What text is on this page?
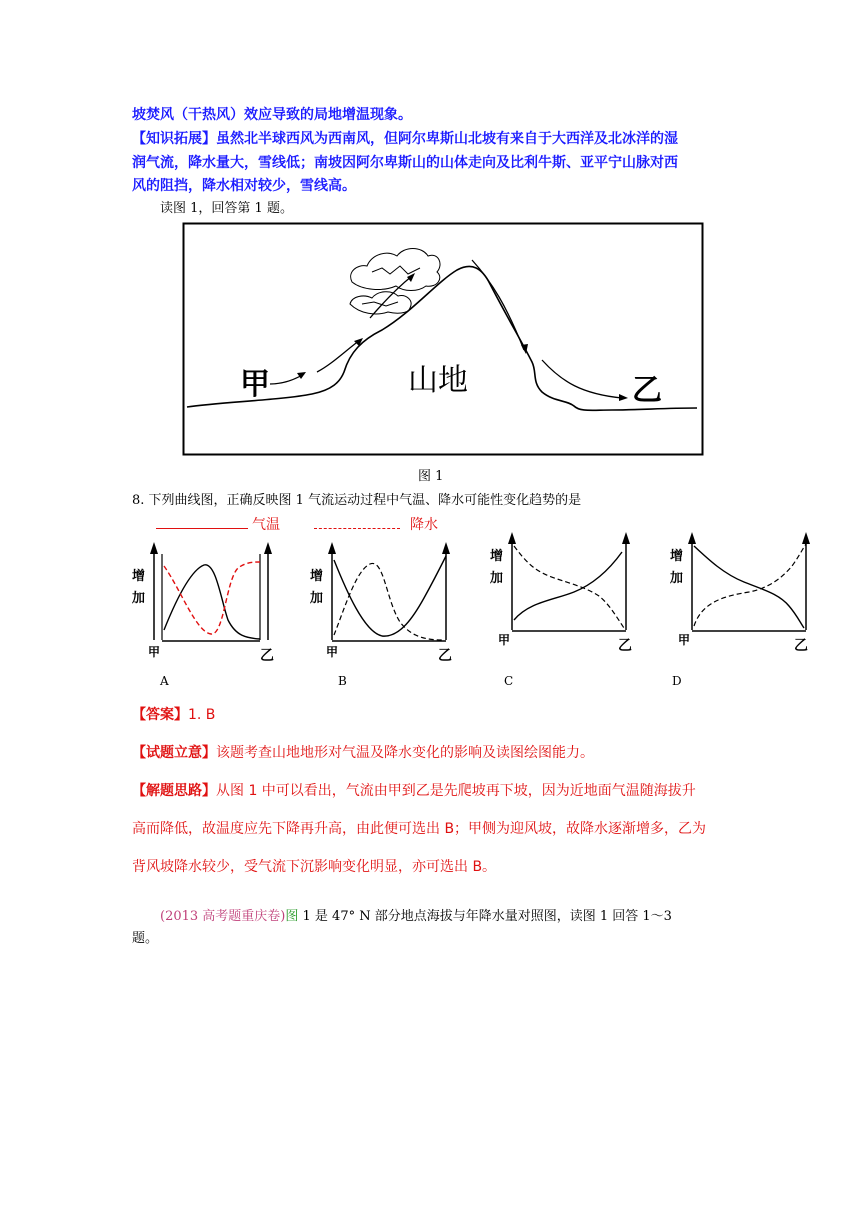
坡焚风（干热风）效应导致的局地增温现象。
【知识拓展】虽然北半球西风为西南风，但阿尔卑斯山北坡有来自于大西洋及北冰洋的湿
润气流，降水量大，雪线低；南坡因阿尔卑斯山的山体走向及比利牛斯、亚平宁山脉对西
风的阻挡，降水相对较少，雪线高。
读图 1，回答第 1 题。
甲	山地	乙
图 1
8. 下列曲线图，正确反映图 1 气流运动过程中气温、降水可能性变化趋势的是
气温	降水
增
加
甲	乙
A
增
加
甲	乙
B
增
加
甲	乙
C
增
加
甲	乙
D
【答案】1. B
【试题立意】该题考查山地地形对气温及降水变化的影响及读图绘图能力。
【解题思路】从图 1 中可以看出，气流由甲到乙是先爬坡再下坡，因为近地面气温随海拔升
高而降低，故温度应先下降再升高，由此便可选出 B；甲侧为迎风坡，故降水逐渐增多，乙为
背风坡降水较少，受气流下沉影响变化明显，亦可选出 B。
(2013 高考题重庆卷)图 1 是 47° N 部分地点海拔与年降水量对照图，读图 1 回答 1～3
题。
